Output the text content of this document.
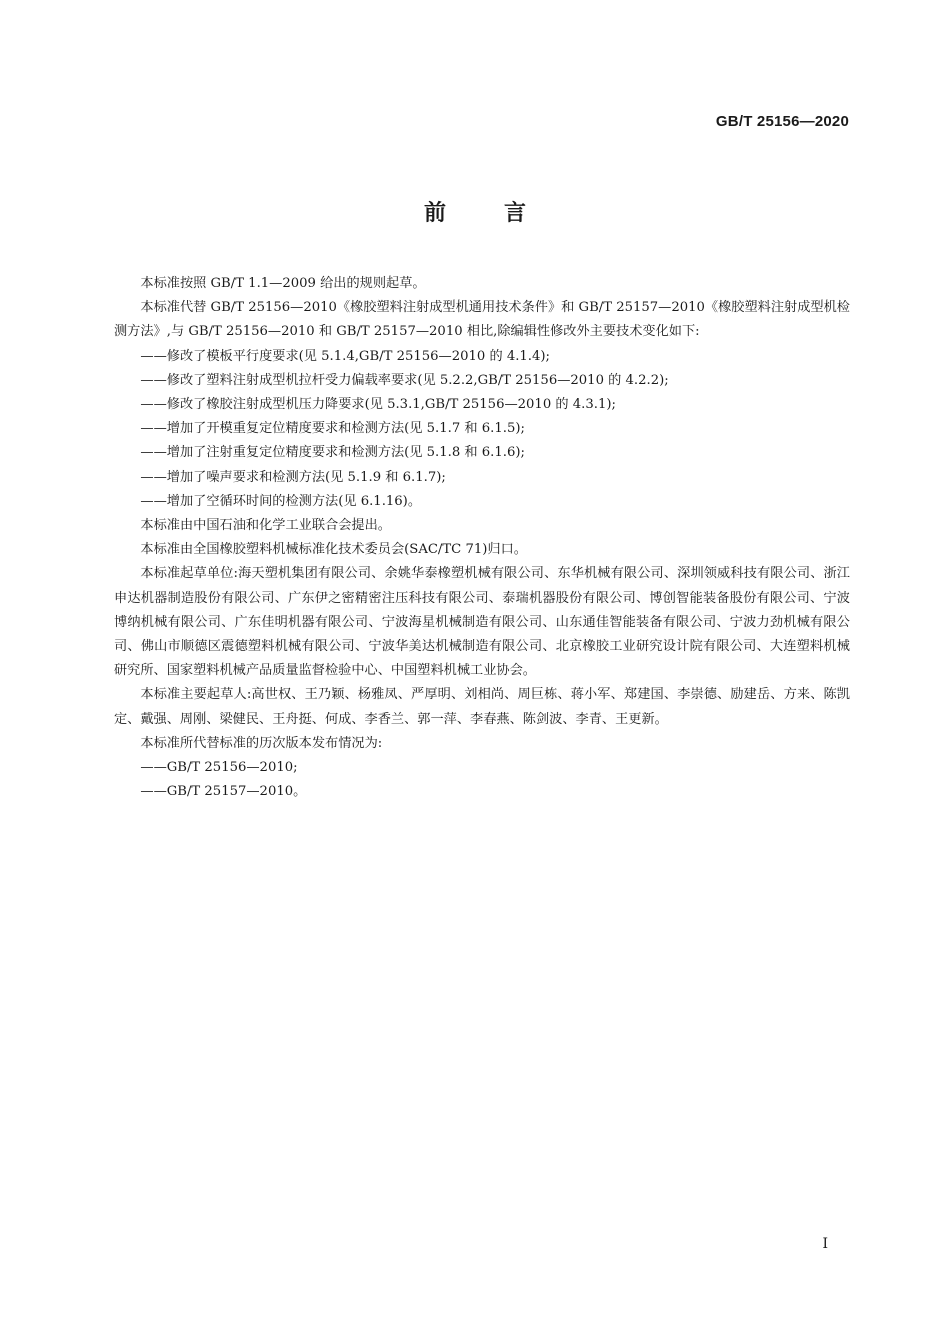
GB/T 25156—2020
前言

本标准按照 GB/T 1.1—2009 给出的规则起草。

本标准代替 GB/T 25156—2010《橡胶塑料注射成型机通用技术条件》和 GB/T 25157—2010《橡胶塑料注射成型机检测方法》,与 GB/T 25156—2010 和 GB/T 25157—2010 相比,除编辑性修改外主要技术变化如下:

——修改了模板平行度要求(见 5.1.4,GB/T 25156—2010 的 4.1.4);

——修改了塑料注射成型机拉杆受力偏载率要求(见 5.2.2,GB/T 25156—2010 的 4.2.2);

——修改了橡胶注射成型机压力降要求(见 5.3.1,GB/T 25156—2010 的 4.3.1);

——增加了开模重复定位精度要求和检测方法(见 5.1.7 和 6.1.5);

——增加了注射重复定位精度要求和检测方法(见 5.1.8 和 6.1.6);

——增加了噪声要求和检测方法(见 5.1.9 和 6.1.7);

——增加了空循环时间的检测方法(见 6.1.16)。

本标准由中国石油和化学工业联合会提出。

本标准由全国橡胶塑料机械标准化技术委员会(SAC/TC 71)归口。

本标准起草单位:海天塑机集团有限公司、余姚华泰橡塑机械有限公司、东华机械有限公司、深圳领威科技有限公司、浙江申达机器制造股份有限公司、广东伊之密精密注压科技有限公司、泰瑞机器股份有限公司、博创智能装备股份有限公司、宁波博纳机械有限公司、广东佳明机器有限公司、宁波海星机械制造有限公司、山东通佳智能装备有限公司、宁波力劲机械有限公司、佛山市顺德区震德塑料机械有限公司、宁波华美达机械制造有限公司、北京橡胶工业研究设计院有限公司、大连塑料机械研究所、国家塑料机械产品质量监督检验中心、中国塑料机械工业协会。

本标准主要起草人:高世权、王乃颖、杨雅凤、严厚明、刘相尚、周巨栋、蒋小军、郑建国、李崇德、励建岳、方来、陈凯定、戴强、周刚、梁健民、王舟挺、何成、李香兰、郭一萍、李春燕、陈剑波、李青、王更新。

本标准所代替标准的历次版本发布情况为:

——GB/T 25156—2010;

——GB/T 25157—2010。

I
